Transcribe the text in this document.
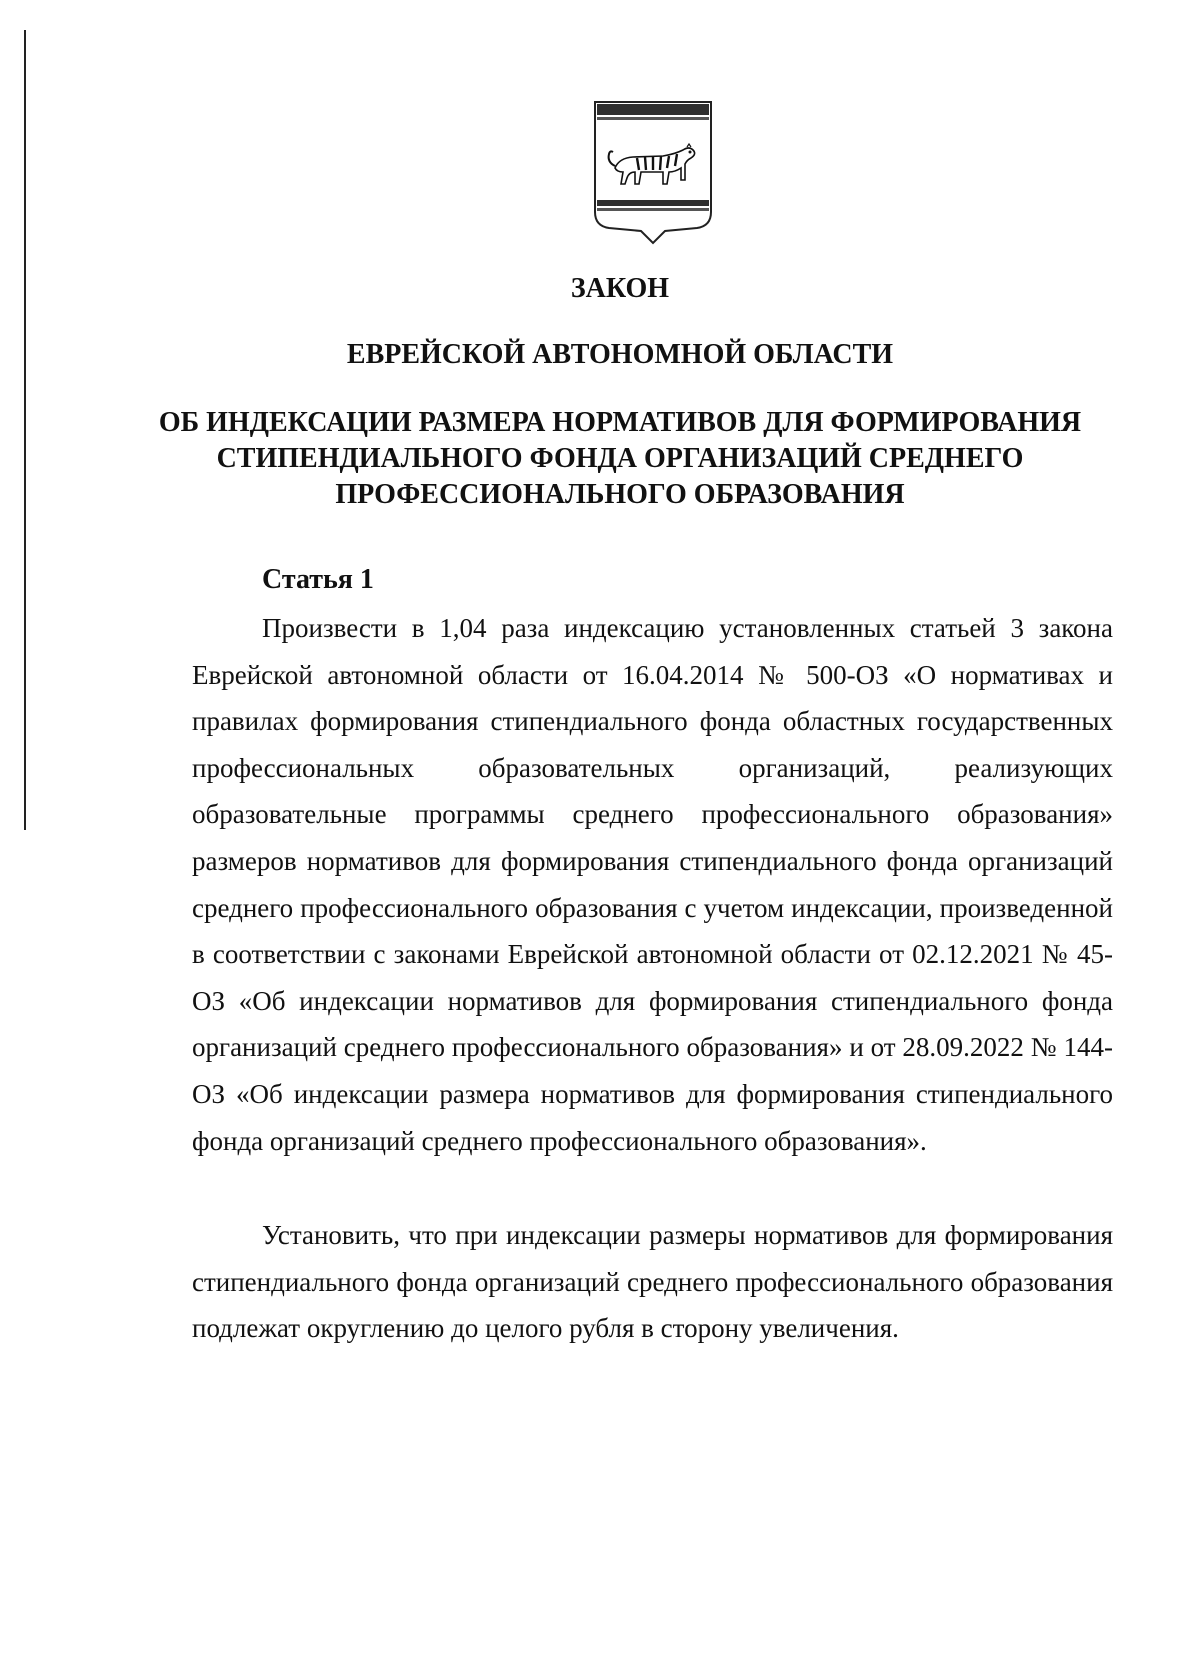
ЗАКОН
ЕВРЕЙСКОЙ АВТОНОМНОЙ ОБЛАСТИ
ОБ ИНДЕКСАЦИИ РАЗМЕРА НОРМАТИВОВ ДЛЯ ФОРМИРОВАНИЯ СТИПЕНДИАЛЬНОГО ФОНДА ОРГАНИЗАЦИЙ СРЕДНЕГО ПРОФЕССИОНАЛЬНОГО ОБРАЗОВАНИЯ
Статья 1

Произвести в 1,04 раза индексацию установленных статьей 3 закона Еврейской автономной области от 16.04.2014 № 500-ОЗ «О нормативах и правилах формирования стипендиального фонда областных государственных профессиональных образовательных организаций, реализующих образовательные программы среднего профессионального образования» размеров нормативов для формирования стипендиального фонда организаций среднего профессионального образования с учетом индексации, произведенной в соответствии с законами Еврейской автономной области от 02.12.2021 № 45-ОЗ «Об индексации нормативов для формирования стипендиального фонда организаций среднего профессионального образования» и от 28.09.2022 № 144-ОЗ «Об индексации размера нормативов для формирования стипендиального фонда организаций среднего профессионального образования».

Установить, что при индексации размеры нормативов для формирования стипендиального фонда организаций среднего профессионального образования подлежат округлению до целого рубля в сторону увеличения.
